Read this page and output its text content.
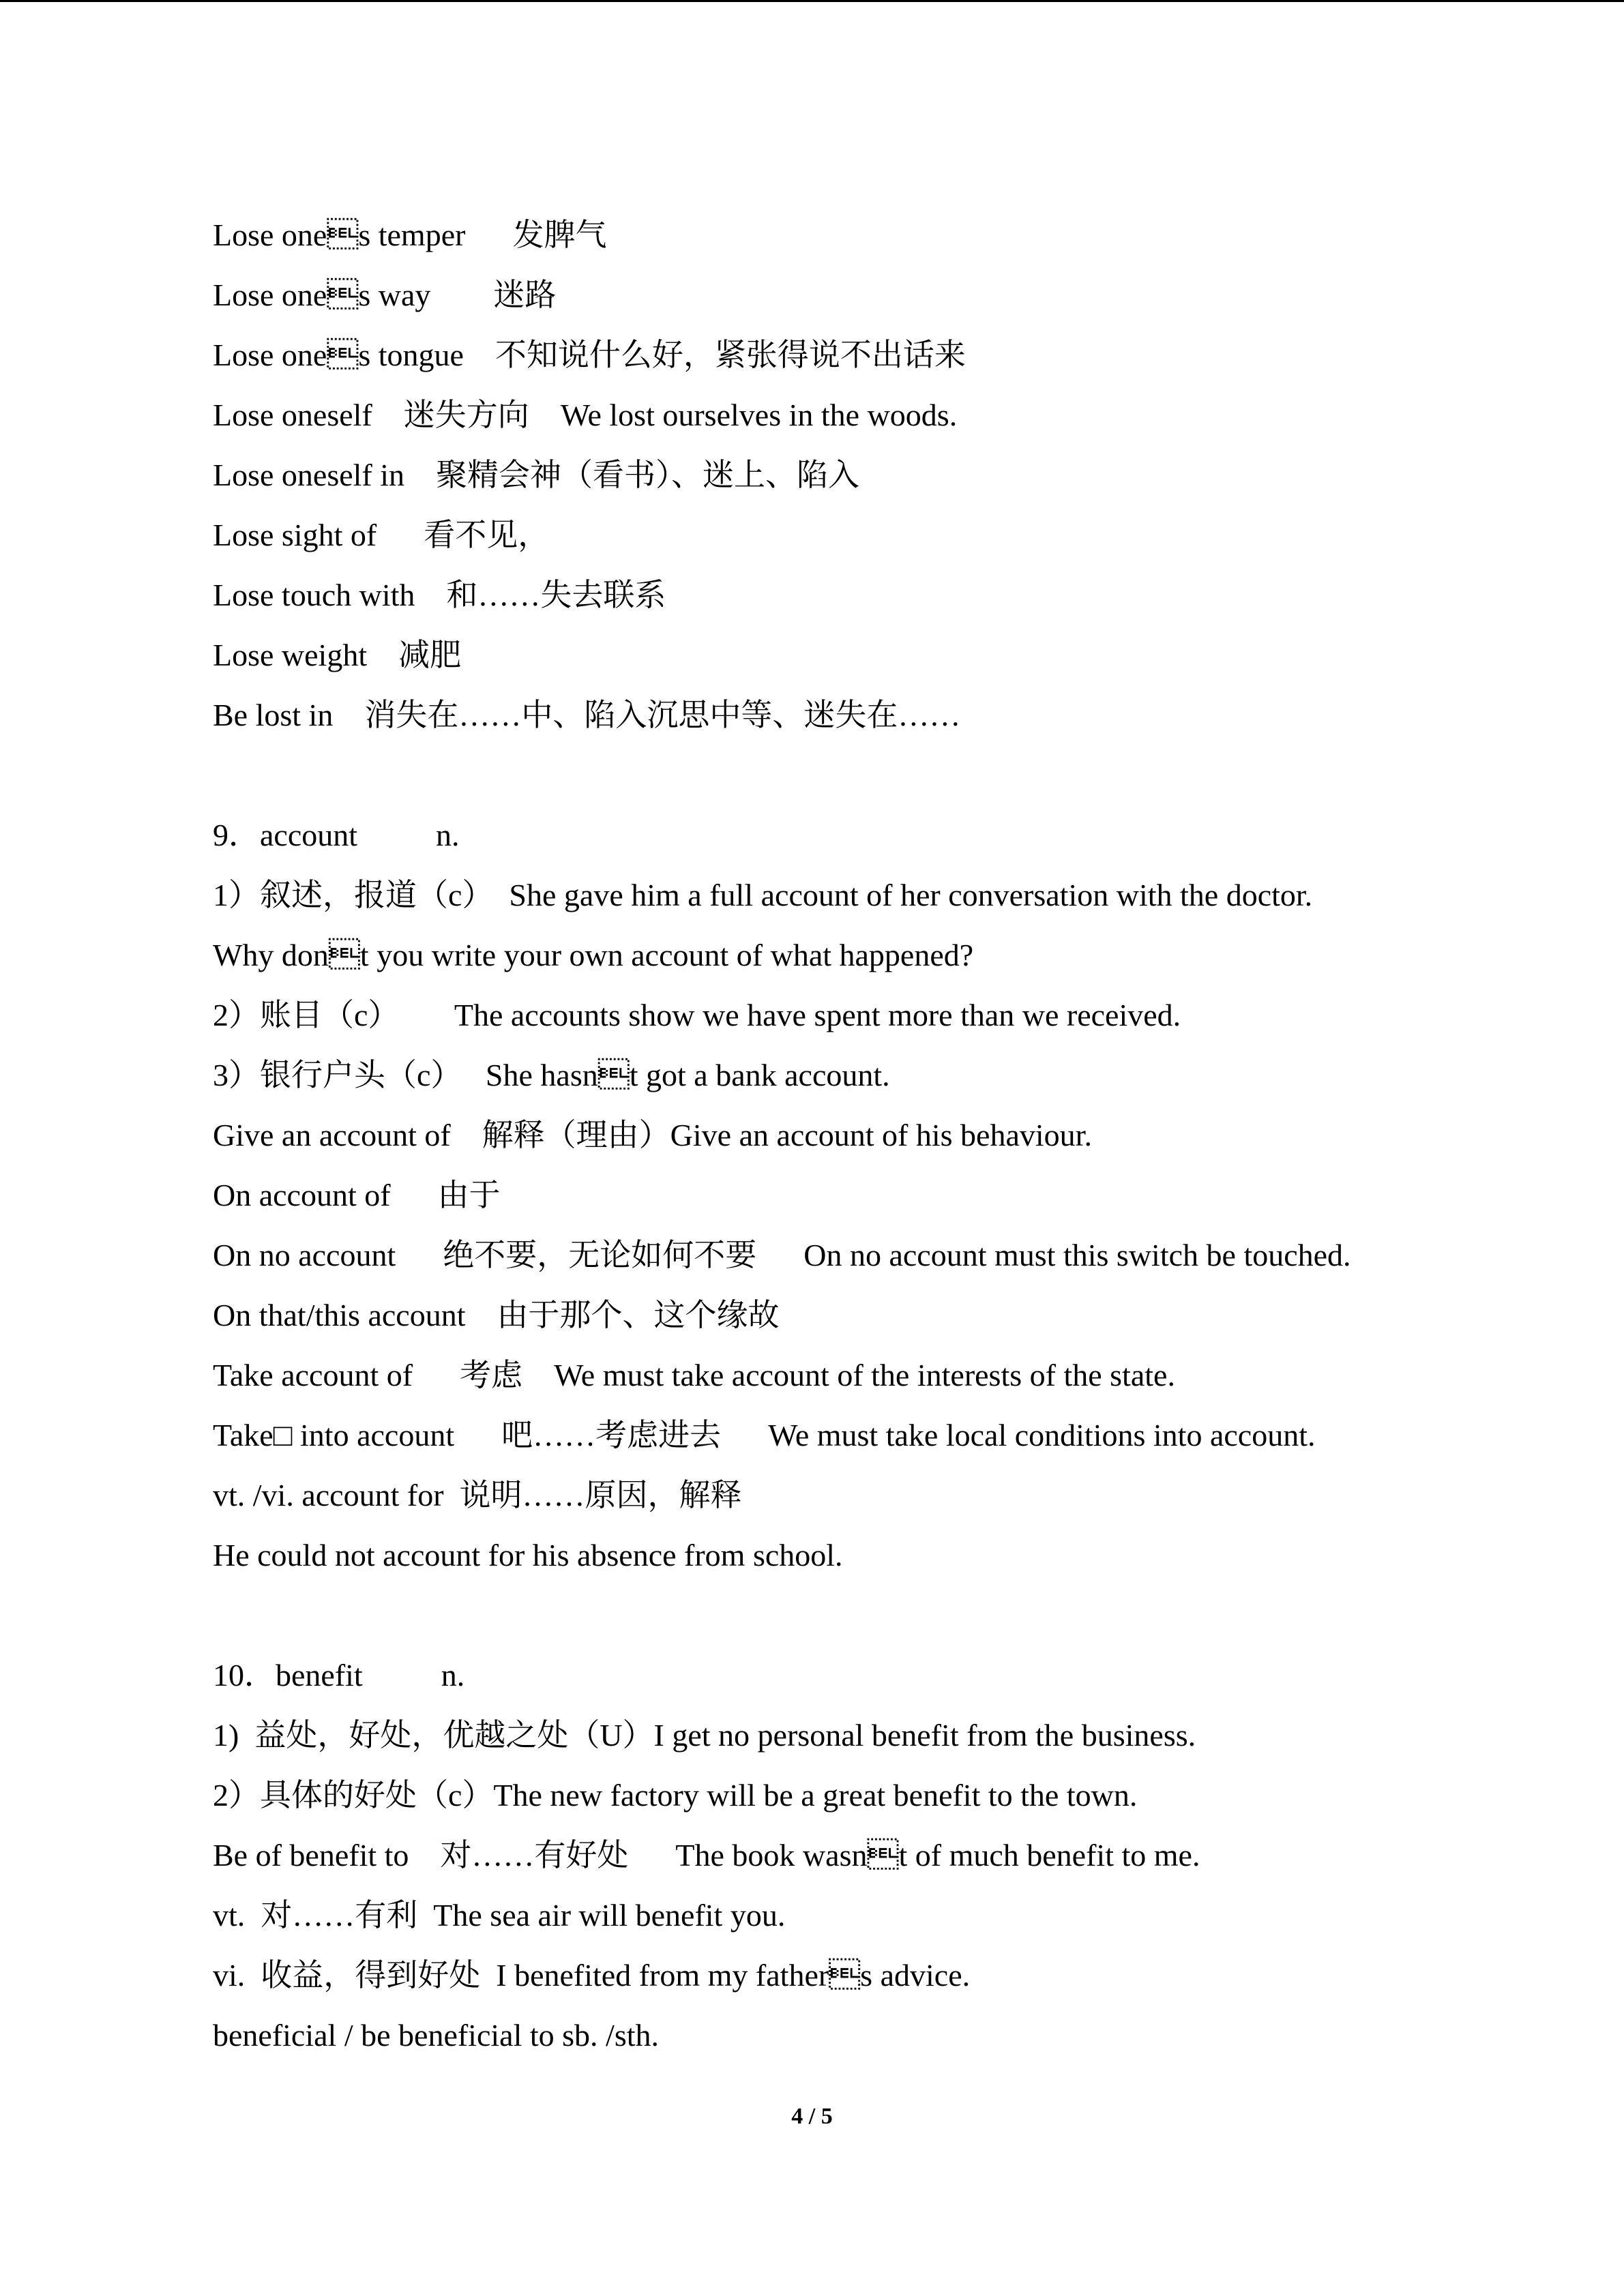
Lose ones temper      发脾气
Lose ones way        迷路
Lose ones tongue    不知说什么好，紧张得说不出话来
Lose oneself    迷失方向    We lost ourselves in the woods.
Lose oneself in    聚精会神（看书）、迷上、陷入
Lose sight of      看不见，
Lose touch with    和……失去联系
Lose weight    减肥
Be lost in    消失在……中、陷入沉思中等、迷失在……
9．account          n.
1）叙述，报道（c）  She gave him a full account of her conversation with the doctor.
Why dont you write your own account of what happened?
2）账目（c）       The accounts show we have spent more than we received.
3）银行户头（c）   She hasnt got a bank account.
Give an account of    解释（理由）Give an account of his behaviour.
On account of      由于
On no account      绝不要，无论如何不要      On no account must this switch be touched.
On that/this account    由于那个、这个缘故
Take account of      考虑    We must take account of the interests of the state.
Take□ into account      吧……考虑进去      We must take local conditions into account.
vt. /vi. account for  说明……原因，解释
He could not account for his absence from school.
10．benefit          n.
1)  益处，好处，优越之处（U）I get no personal benefit from the business.
2）具体的好处（c）The new factory will be a great benefit to the town.
Be of benefit to    对……有好处      The book wasnt of much benefit to me.
vt.  对……有利  The sea air will benefit you.
vi.  收益，得到好处  I benefited from my fathers advice.
beneficial / be beneficial to sb. /sth.
4 / 5
